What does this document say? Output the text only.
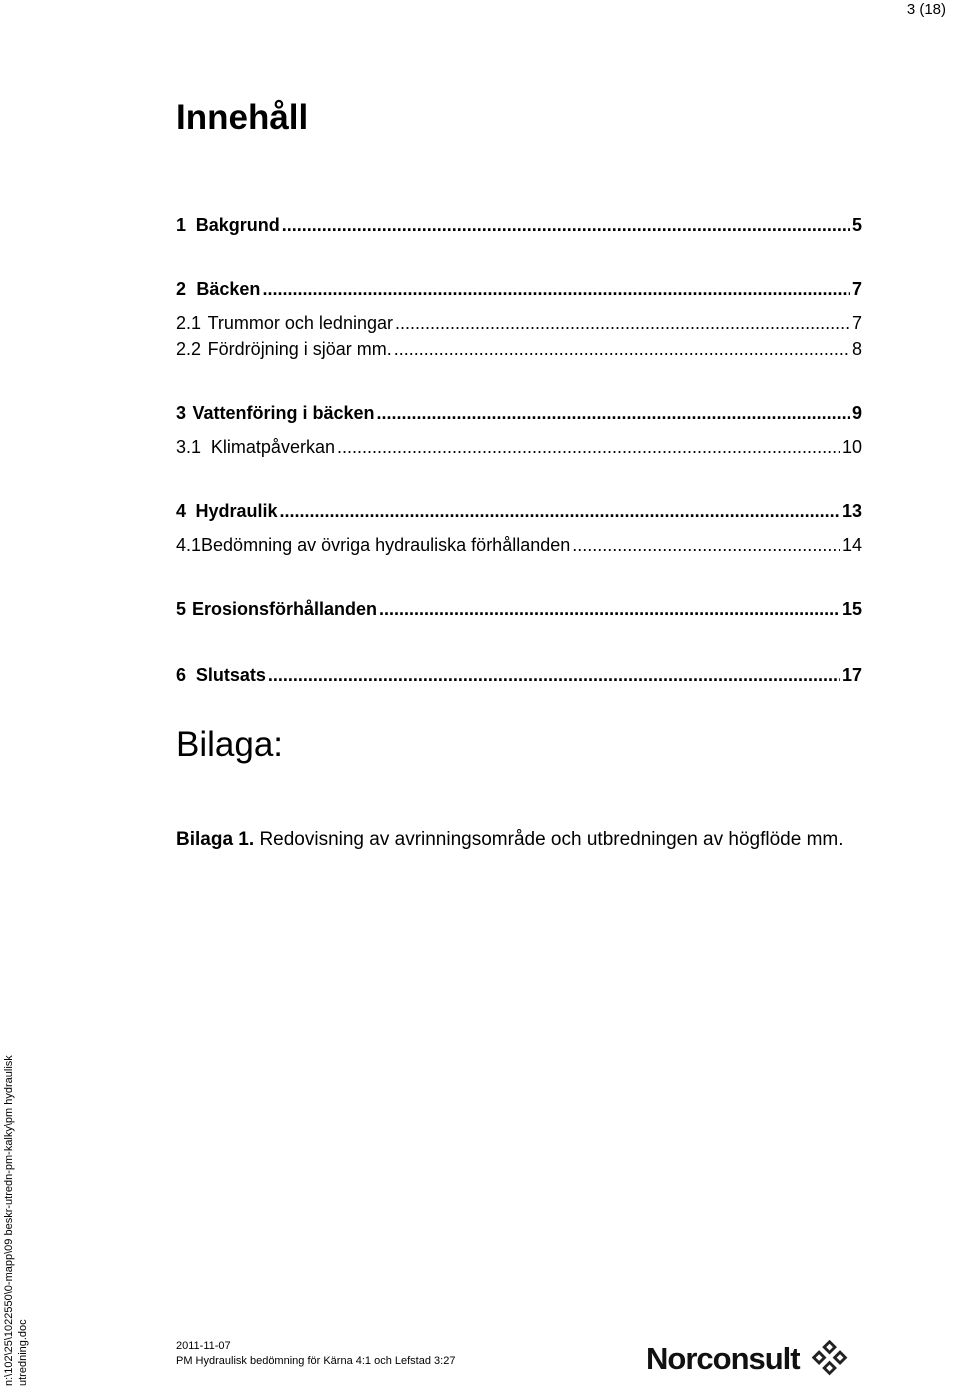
3 (18)
Innehåll
1 Bakgrund .....	5
2 Bäcken .....	7
2.1 Trummor och ledningar .....	7
2.2 Fördröjning i sjöar mm. .....	8
3 Vattenföring i bäcken .....	9
3.1 Klimatpåverkan .....	10
4 Hydraulik .....	13
4.1 Bedömning av övriga hydrauliska förhållanden .....	14
5 Erosionsförhållanden .....	15
6 Slutsats .....	17
Bilaga:

Bilaga 1. Redovisning av avrinningsområde och utbredningen av högflöde mm.

n:\102\25\1022550\0-mapp\09 beskr-utredn-pm-kalky\pm hydraulisk utredning.doc	2011-11-07
PM Hydraulisk bedömning för Kärna 4:1 och Lefstad 3:27	Norconsult
